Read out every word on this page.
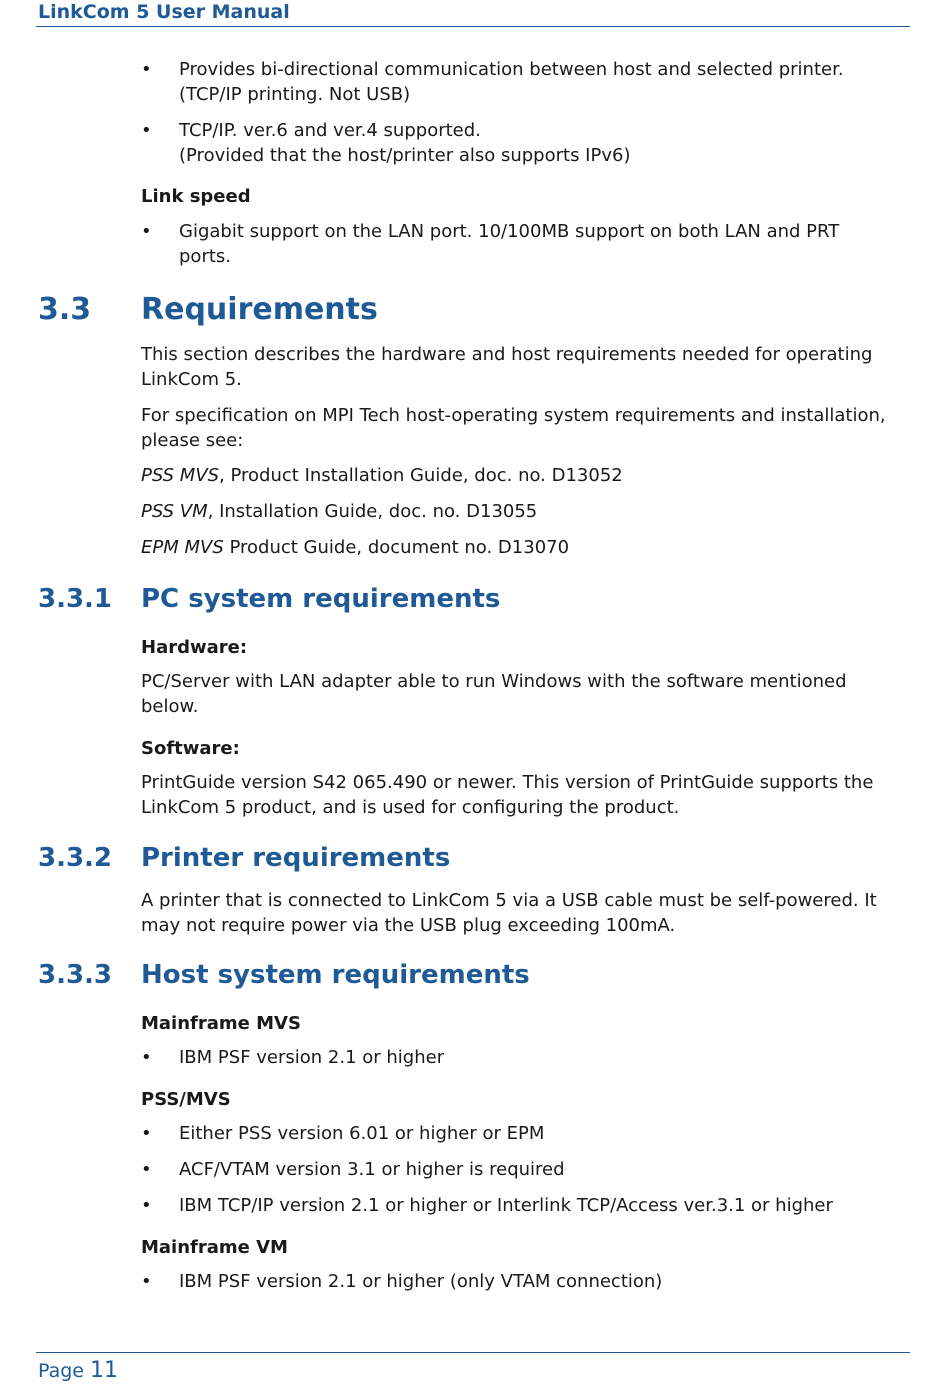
LinkCom 5 User Manual
• Provides bi-directional communication between host and selected printer.
(TCP/IP printing. Not USB)
• TCP/IP. ver.6 and ver.4 supported.
(Provided that the host/printer also supports IPv6)
Link speed
• Gigabit support on the LAN port. 10/100MB support on both LAN and PRT
ports.
3.3 Requirements
This section describes the hardware and host requirements needed for operating
LinkCom 5.
For specification on MPI Tech host-operating system requirements and installation,
please see:
PSS MVS, Product Installation Guide, doc. no. D13052
PSS VM, Installation Guide, doc. no. D13055
EPM MVS Product Guide, document no. D13070
3.3.1 PC system requirements
Hardware:
PC/Server with LAN adapter able to run Windows with the software mentioned
below.
Software:
PrintGuide version S42 065.490 or newer. This version of PrintGuide supports the
LinkCom 5 product, and is used for configuring the product.
3.3.2 Printer requirements
A printer that is connected to LinkCom 5 via a USB cable must be self-powered. It
may not require power via the USB plug exceeding 100mA.
3.3.3 Host system requirements
Mainframe MVS
• IBM PSF version 2.1 or higher
PSS/MVS
• Either PSS version 6.01 or higher or EPM
• ACF/VTAM version 3.1 or higher is required
• IBM TCP/IP version 2.1 or higher or Interlink TCP/Access ver.3.1 or higher
Mainframe VM
• IBM PSF version 2.1 or higher (only VTAM connection)
Page 11
